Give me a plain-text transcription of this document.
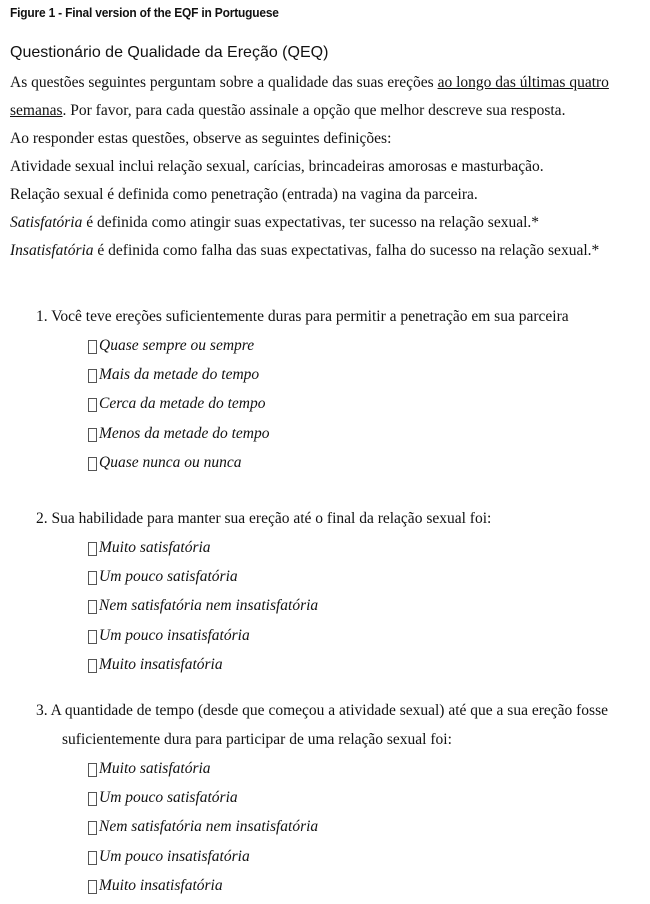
Figure 1 - Final version of the EQF in Portuguese
Questionário de Qualidade da Ereção (QEQ)
As questões seguintes perguntam sobre a qualidade das suas ereções ao longo das últimas quatro
semanas. Por favor, para cada questão assinale a opção que melhor descreve sua resposta.
Ao responder estas questões, observe as seguintes definições:
Atividade sexual inclui relação sexual, carícias, brincadeiras amorosas e masturbação.
Relação sexual é definida como penetração (entrada) na vagina da parceira.
Satisfatória é definida como atingir suas expectativas, ter sucesso na relação sexual.*
Insatisfatória é definida como falha das suas expectativas, falha do sucesso na relação sexual.*
1. Você teve ereções suficientemente duras para permitir a penetração em sua parceira
Quase sempre ou sempre
Mais da metade do tempo
Cerca da metade do tempo
Menos da metade do tempo
Quase nunca ou nunca
2. Sua habilidade para manter sua ereção até o final da relação sexual foi:
Muito satisfatória
Um pouco satisfatória
Nem satisfatória nem insatisfatória
Um pouco insatisfatória
Muito insatisfatória
3. A quantidade de tempo (desde que começou a atividade sexual) até que a sua ereção fosse
suficientemente dura para participar de uma relação sexual foi:
Muito satisfatória
Um pouco satisfatória
Nem satisfatória nem insatisfatória
Um pouco insatisfatória
Muito insatisfatória
